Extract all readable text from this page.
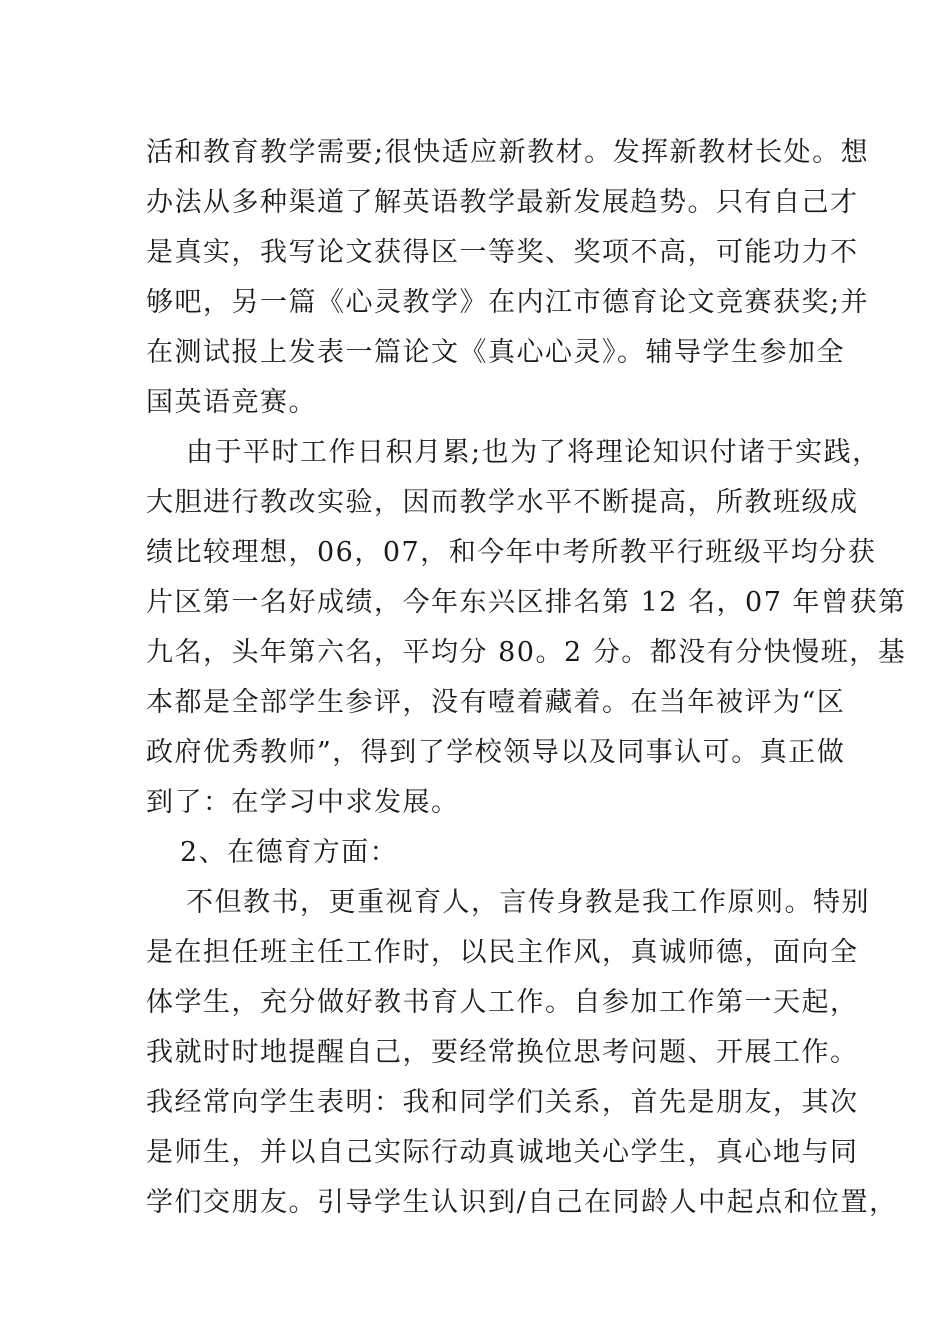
活和教育教学需要;很快适应新教材。发挥新教材长处。想
办法从多种渠道了解英语教学最新发展趋势。只有自己才
是真实，我写论文获得区一等奖、奖项不高，可能功力不
够吧，另一篇《心灵教学》在内江市德育论文竞赛获奖;并
在测试报上发表一篇论文《真心心灵》。辅导学生参加全
国英语竞赛。
由于平时工作日积月累;也为了将理论知识付诸于实践，
大胆进行教改实验，因而教学水平不断提高，所教班级成
绩比较理想，06，07，和今年中考所教平行班级平均分获
片区第一名好成绩，今年东兴区排名第 12 名，07 年曾获第
九名，头年第六名，平均分 80。2 分。都没有分快慢班，基
本都是全部学生参评，没有噎着藏着。在当年被评为“区
政府优秀教师”，得到了学校领导以及同事认可。真正做
到了：在学习中求发展。
2、在德育方面：
不但教书，更重视育人，言传身教是我工作原则。特别
是在担任班主任工作时，以民主作风，真诚师德，面向全
体学生，充分做好教书育人工作。自参加工作第一天起，
我就时时地提醒自己，要经常换位思考问题、开展工作。
我经常向学生表明：我和同学们关系，首先是朋友，其次
是师生，并以自己实际行动真诚地关心学生，真心地与同
学们交朋友。引导学生认识到/自己在同龄人中起点和位置，
